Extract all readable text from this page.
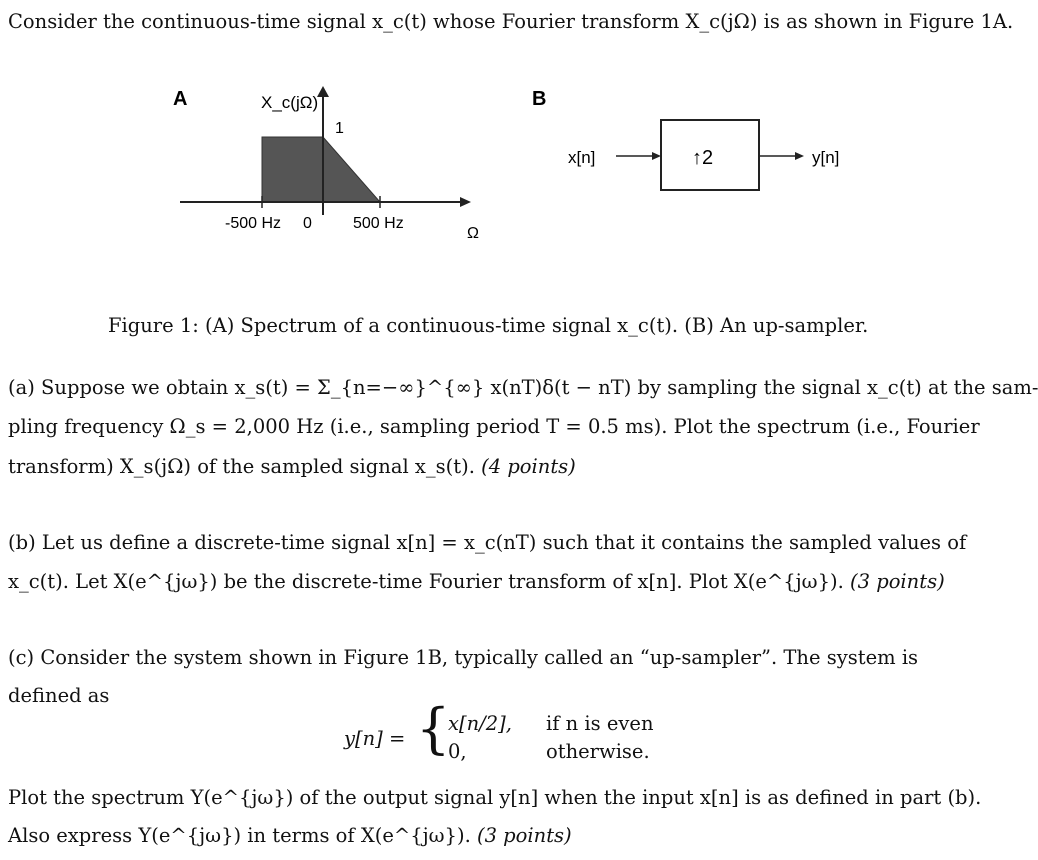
Consider the continuous-time signal x_c(t) whose Fourier transform X_c(jΩ) is as shown in Figure 1A.
A	X_c(jΩ)
1
-500 Hz 0	500 Hz
Ω
B
x[n]	↑2	y[n]
Figure 1: (A) Spectrum of a continuous-time signal x_c(t). (B) An up-sampler.
(a) Suppose we obtain x_s(t) = Σ_{n=−∞}^{∞} x(nT)δ(t − nT) by sampling the signal x_c(t) at the sam-
pling frequency Ω_s = 2,000 Hz (i.e., sampling period T = 0.5 ms). Plot the spectrum (i.e., Fourier
transform) X_s(jΩ) of the sampled signal x_s(t). (4 points)
(b) Let us define a discrete-time signal x[n] = x_c(nT) such that it contains the sampled values of
x_c(t). Let X(e^{jω}) be the discrete-time Fourier transform of x[n]. Plot X(e^{jω}). (3 points)
(c) Consider the system shown in Figure 1B, typically called an “up-sampler”. The system is
defined as
y[n] = {
x[n/2], if n is even
0,	otherwise.
Plot the spectrum Y(e^{jω}) of the output signal y[n] when the input x[n] is as defined in part (b).
Also express Y(e^{jω}) in terms of X(e^{jω}). (3 points)
